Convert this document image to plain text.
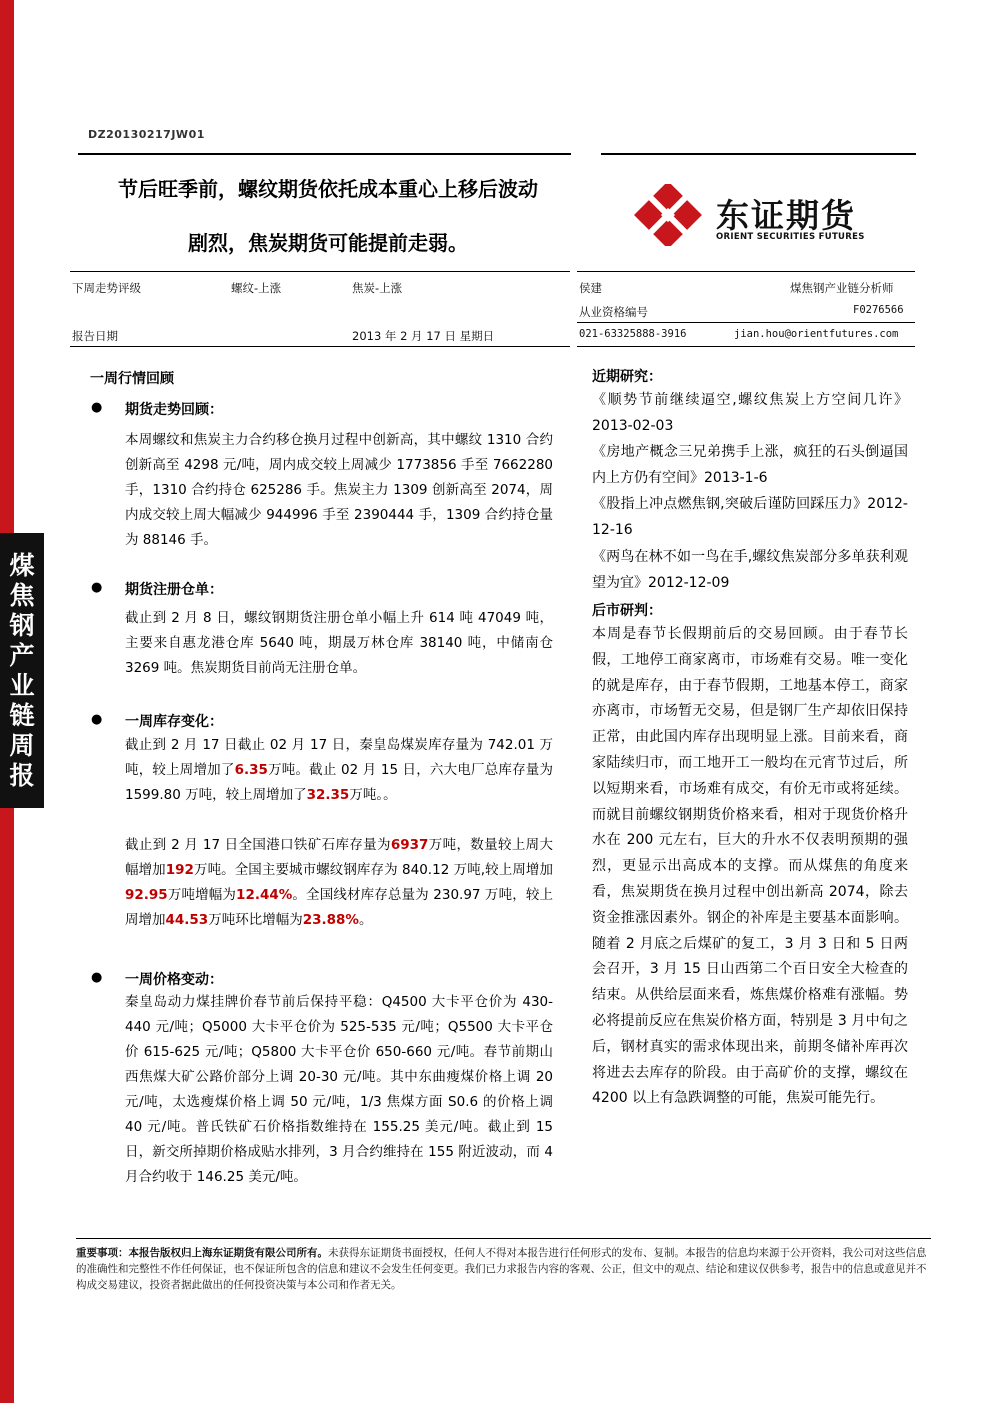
煤
焦
钢
产
业
链
周
报
DZ20130217JW01
节后旺季前，螺纹期货依托成本重心上移后波动
剧烈，焦炭期货可能提前走弱。
东证期货
ORIENT SECURITIES FUTURES
下周走势评级	螺纹-上涨	焦炭-上涨
报告日期	2013 年 2 月 17 日 星期日
侯建	煤焦钢产业链分析师
从业资格编号	F0276566
021-63325888-3916	jian.hou@orientfutures.com
一周行情回顾
● 期货走势回顾：
本周螺纹和焦炭主力合约移仓换月过程中创新高，其中螺纹 1310 合约创新高至 4298 元/吨，周内成交较上周减少 1773856 手至 7662280 手，1310 合约持仓 625286 手。焦炭主力 1309 创新高至 2074，周内成交较上周大幅减少 944996 手至 2390444 手，1309 合约持仓量为 88146 手。
● 期货注册仓单：
截止到 2 月 8 日，螺纹钢期货注册仓单小幅上升 614 吨 47049 吨，主要来自惠龙港仓库 5640 吨，期晟万林仓库 38140 吨，中储南仓 3269 吨。焦炭期货目前尚无注册仓单。
● 一周库存变化：
截止到 2 月 17 日截止 02 月 17 日，秦皇岛煤炭库存量为 742.01 万吨，较上周增加了6.35万吨。截止 02 月 15 日，六大电厂总库存量为 1599.80 万吨，较上周增加了32.35万吨。。
截止到 2 月 17 日全国港口铁矿石库存量为6937万吨，数量较上周大幅增加192万吨。全国主要城市螺纹钢库存为 840.12 万吨,较上周增加92.95万吨增幅为12.44%。全国线材库存总量为 230.97 万吨，较上周增加44.53万吨环比增幅为23.88%。
● 一周价格变动：
秦皇岛动力煤挂牌价春节前后保持平稳：Q4500 大卡平仓价为 430-440 元/吨；Q5000 大卡平仓价为 525-535 元/吨；Q5500 大卡平仓价 615-625 元/吨；Q5800 大卡平仓价 650-660 元/吨。春节前期山西焦煤大矿公路价部分上调 20-30 元/吨。其中东曲瘦煤价格上调 20 元/吨，太选瘦煤价格上调 50 元/吨，1/3 焦煤方面 S0.6 的价格上调 40 元/吨。普氏铁矿石价格指数维持在 155.25 美元/吨。截止到 15 日，新交所掉期价格成贴水排列，3 月合约维持在 155 附近波动，而 4 月合约收于 146.25 美元/吨。
近期研究：
《顺势节前继续逼空,螺纹焦炭上方空间几许》2013-02-03
《房地产概念三兄弟携手上涨，疯狂的石头倒逼国内上方仍有空间》2013-1-6
《股指上冲点燃焦钢,突破后谨防回踩压力》2012-12-16
《两鸟在林不如一鸟在手,螺纹焦炭部分多单获利观望为宜》2012-12-09
后市研判：
本周是春节长假期前后的交易回顾。由于春节长假，工地停工商家离市，市场难有交易。唯一变化的就是库存，由于春节假期，工地基本停工，商家亦离市，市场暂无交易，但是钢厂生产却依旧保持正常，由此国内库存出现明显上涨。目前来看，商家陆续归市，而工地开工一般均在元宵节过后，所以短期来看，市场难有成交，有价无市或将延续。而就目前螺纹钢期货价格来看，相对于现货价格升水在 200 元左右，巨大的升水不仅表明预期的强烈，更显示出高成本的支撑。而从煤焦的角度来看，焦炭期货在换月过程中创出新高 2074，除去资金推涨因素外。钢企的补库是主要基本面影响。随着 2 月底之后煤矿的复工，3 月 3 日和 5 日两会召开，3 月 15 日山西第二个百日安全大检查的结束。从供给层面来看，炼焦煤价格难有涨幅。势必将提前反应在焦炭价格方面，特别是 3 月中旬之后，钢材真实的需求体现出来，前期冬储补库再次将进去去库存的阶段。由于高矿价的支撑，螺纹在 4200 以上有急跌调整的可能，焦炭可能先行。
重要事项：本报告版权归上海东证期货有限公司所有。未获得东证期货书面授权，任何人不得对本报告进行任何形式的发布、复制。本报告的信息均来源于公开资料，我公司对这些信息的准确性和完整性不作任何保证，也不保证所包含的信息和建议不会发生任何变更。我们已力求报告内容的客观、公正，但文中的观点、结论和建议仅供参考，报告中的信息或意见并不构成交易建议，投资者据此做出的任何投资决策与本公司和作者无关。
